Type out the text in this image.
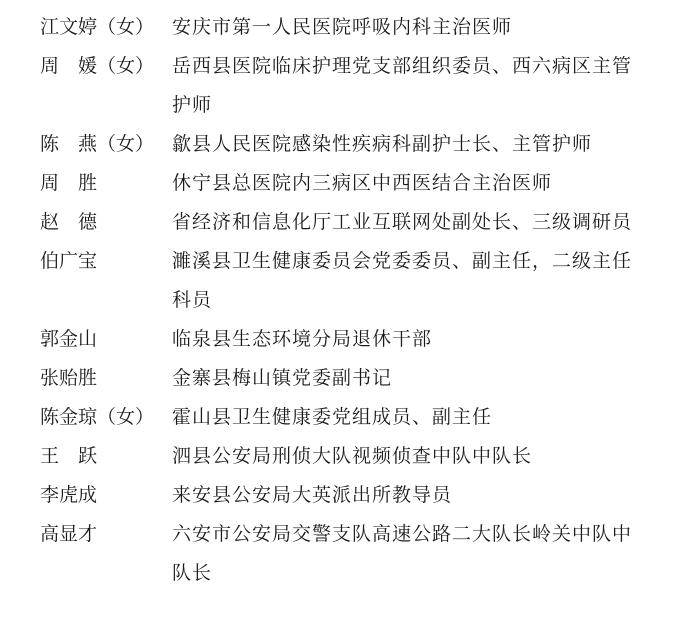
江文婷（女） 安庆市第一人民医院呼吸内科主治医师
周　媛（女） 岳西县医院临床护理党支部组织委员、西六病区主管护师
陈　燕（女） 歙县人民医院感染性疾病科副护士长、主管护师
周　胜	休宁县总医院内三病区中西医结合主治医师
赵　德	省经济和信息化厅工业互联网处副处长、三级调研员
伯广宝	濉溪县卫生健康委员会党委委员、副主任，二级主任科员
郭金山	临泉县生态环境分局退休干部
张贻胜	金寨县梅山镇党委副书记
陈金琼（女） 霍山县卫生健康委党组成员、副主任
王　跃	泗县公安局刑侦大队视频侦查中队中队长
李虎成	来安县公安局大英派出所教导员
高显才	六安市公安局交警支队高速公路二大队长岭关中队中队长
